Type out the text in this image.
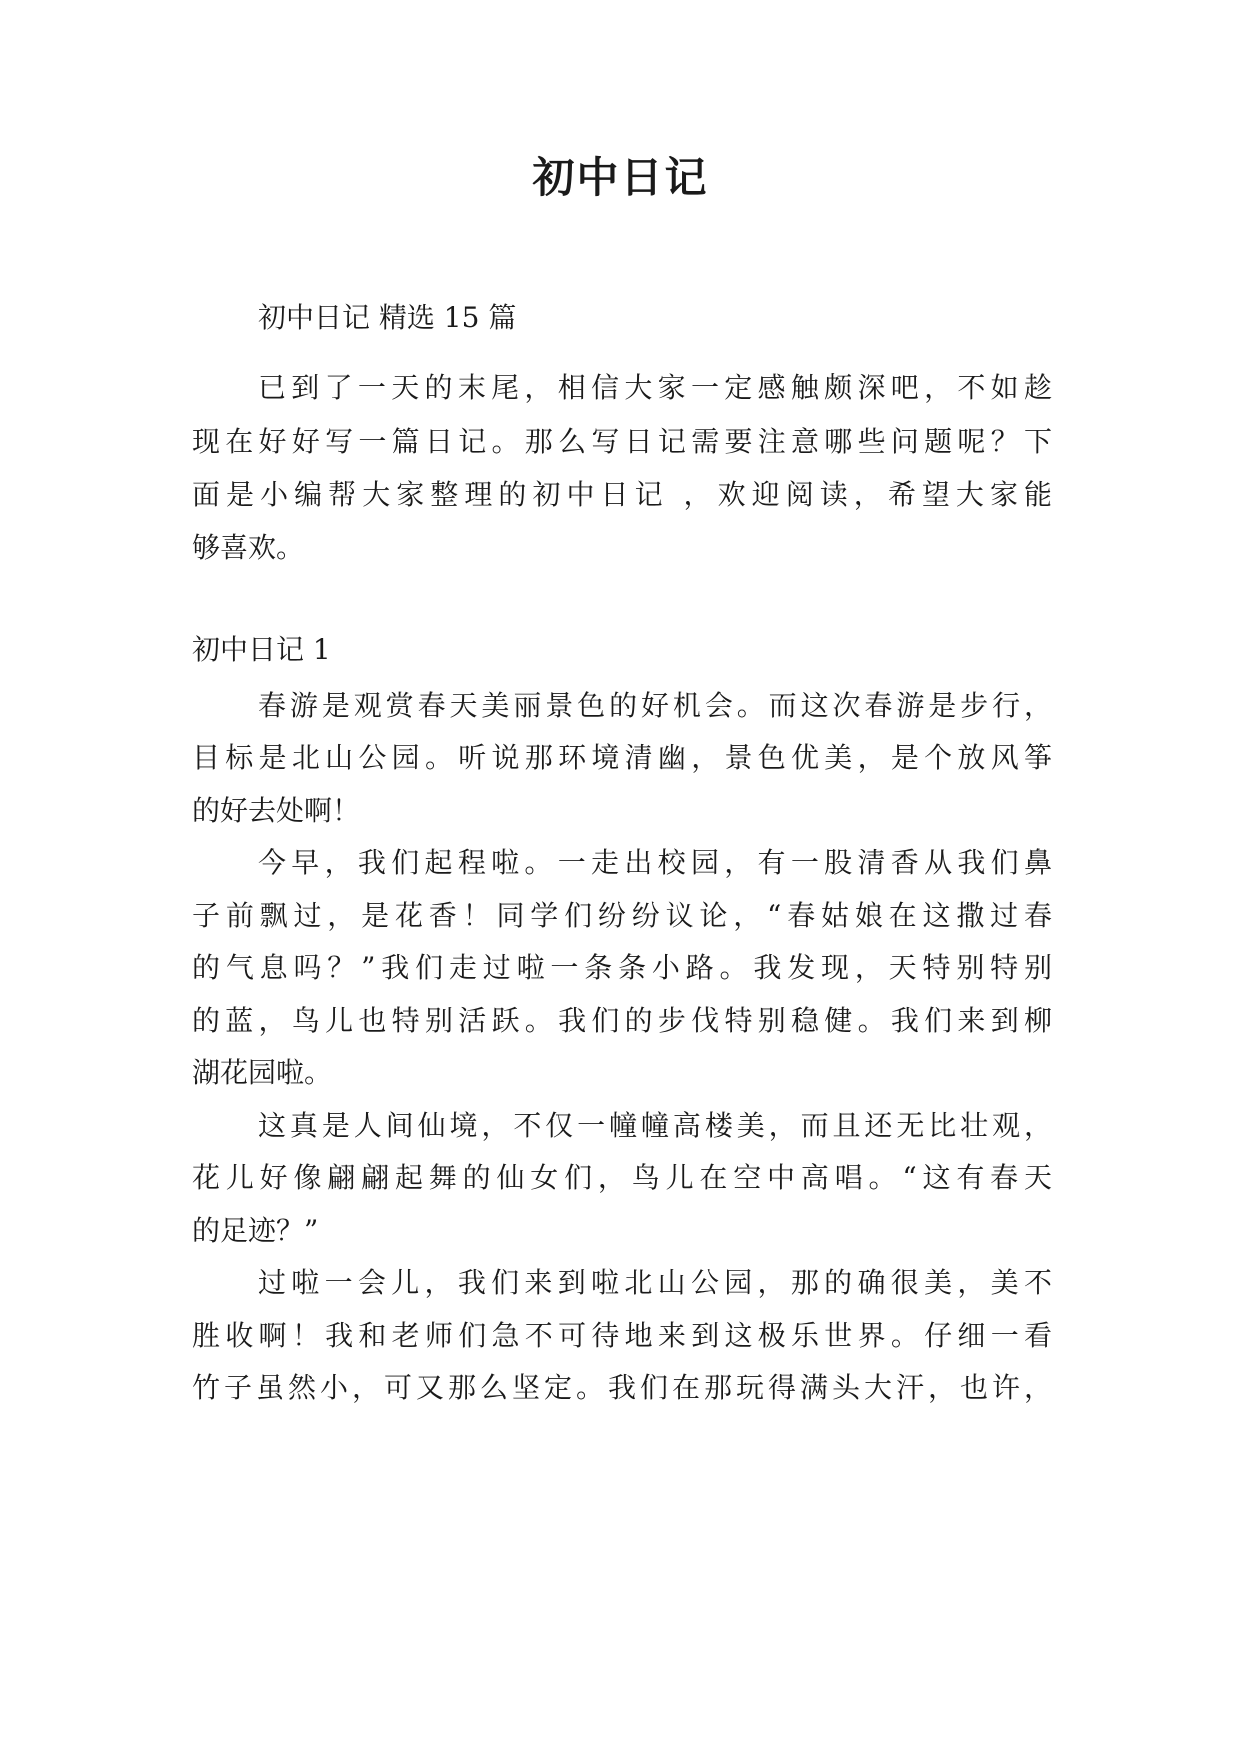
初中日记

初中日记 精选 15 篇

已到了一天的末尾，相信大家一定感触颇深吧，不如趁

现在好好写一篇日记。那么写日记需要注意哪些问题呢？下

面是小编帮大家整理的初中日记 ，欢迎阅读，希望大家能

够喜欢。

初中日记 1

春游是观赏春天美丽景色的好机会。而这次春游是步行，

目标是北山公园。听说那环境清幽，景色优美，是个放风筝

的好去处啊！

今早，我们起程啦。一走出校园，有一股清香从我们鼻

子前飘过，是花香！同学们纷纷议论，“春姑娘在这撒过春

的气息吗？”我们走过啦一条条小路。我发现，天特别特别

的蓝，鸟儿也特别活跃。我们的步伐特别稳健。我们来到柳

湖花园啦。

这真是人间仙境，不仅一幢幢高楼美，而且还无比壮观，

花儿好像翩翩起舞的仙女们，鸟儿在空中高唱。“这有春天

的足迹？”

过啦一会儿，我们来到啦北山公园，那的确很美，美不

胜收啊！我和老师们急不可待地来到这极乐世界。仔细一看

竹子虽然小，可又那么坚定。我们在那玩得满头大汗，也许，
